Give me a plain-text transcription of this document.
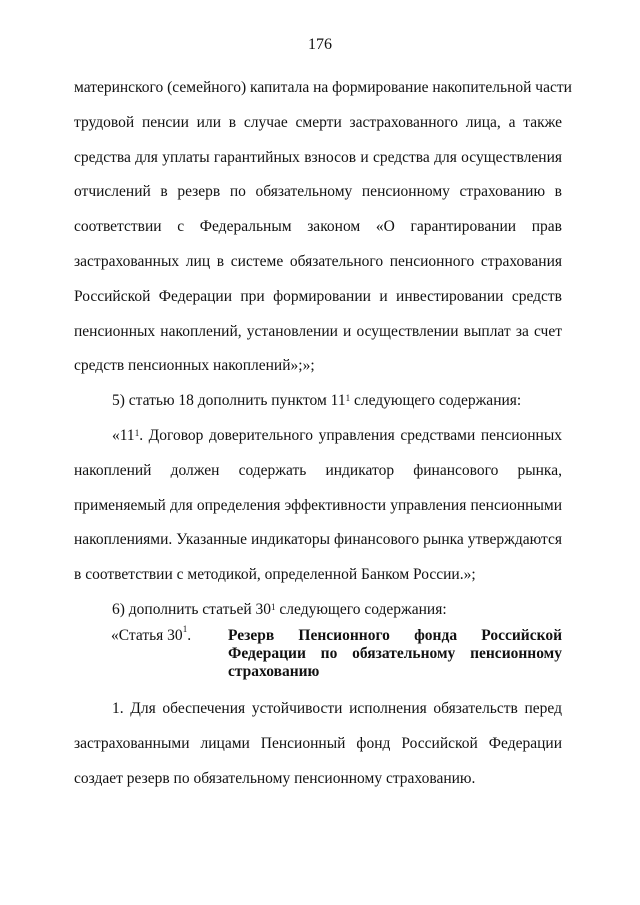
176
материнского (семейного) капитала на формирование накопительной части
трудовой пенсии или в случае смерти застрахованного лица, а также
средства для уплаты гарантийных взносов и средства для осуществления
отчислений в резерв по обязательному пенсионному страхованию в
соответствии с Федеральным законом «О гарантировании прав
застрахованных лиц в системе обязательного пенсионного страхования
Российской Федерации при формировании и инвестировании средств
пенсионных накоплений, установлении и осуществлении выплат за счет
средств пенсионных накоплений»;»;
5) статью 18 дополнить пунктом $11^1$ следующего содержания:
«$11^1$. Договор доверительного управления средствами пенсионных
накоплений должен содержать индикатор финансового рынка,
применяемый для определения эффективности управления пенсионными
накоплениями. Указанные индикаторы финансового рынка утверждаются
в соответствии с методикой, определенной Банком России.»;
6) дополнить статьей $30^1$ следующего содержания:
«Статья $30^1$. Резерв Пенсионного фонда Российской
Федерации по обязательному пенсионному
страхованию
1. Для обеспечения устойчивости исполнения обязательств перед
застрахованными лицами Пенсионный фонд Российской Федерации
создает резерв по обязательному пенсионному страхованию.
